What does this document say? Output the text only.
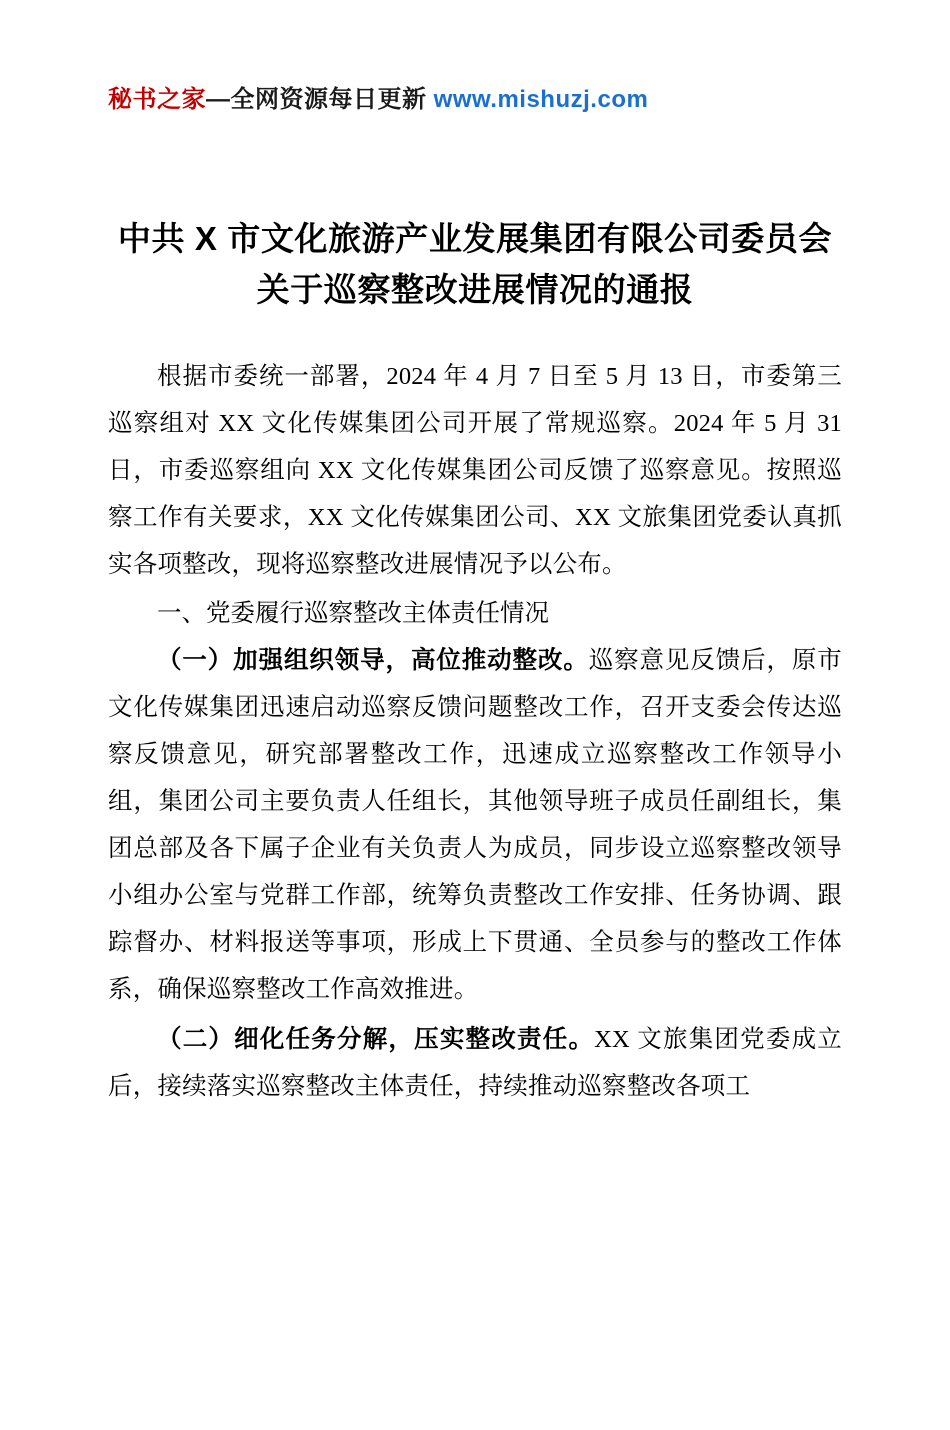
秘书之家—全网资源每日更新 www.mishuzj.com
中共 X 市文化旅游产业发展集团有限公司委员会关于巡察整改进展情况的通报

根据市委统一部署，2024 年 4 月 7 日至 5 月 13 日，市委第三巡察组对 XX 文化传媒集团公司开展了常规巡察。2024 年 5 月 31 日，市委巡察组向 XX 文化传媒集团公司反馈了巡察意见。按照巡察工作有关要求，XX 文化传媒集团公司、XX 文旅集团党委认真抓实各项整改，现将巡察整改进展情况予以公布。

一、党委履行巡察整改主体责任情况

（一）加强组织领导，高位推动整改。巡察意见反馈后，原市文化传媒集团迅速启动巡察反馈问题整改工作，召开支委会传达巡察反馈意见，研究部署整改工作，迅速成立巡察整改工作领导小组，集团公司主要负责人任组长，其他领导班子成员任副组长，集团总部及各下属子企业有关负责人为成员，同步设立巡察整改领导小组办公室与党群工作部，统筹负责整改工作安排、任务协调、跟踪督办、材料报送等事项，形成上下贯通、全员参与的整改工作体系，确保巡察整改工作高效推进。

（二）细化任务分解，压实整改责任。XX 文旅集团党委成立后，接续落实巡察整改主体责任，持续推动巡察整改各项工
